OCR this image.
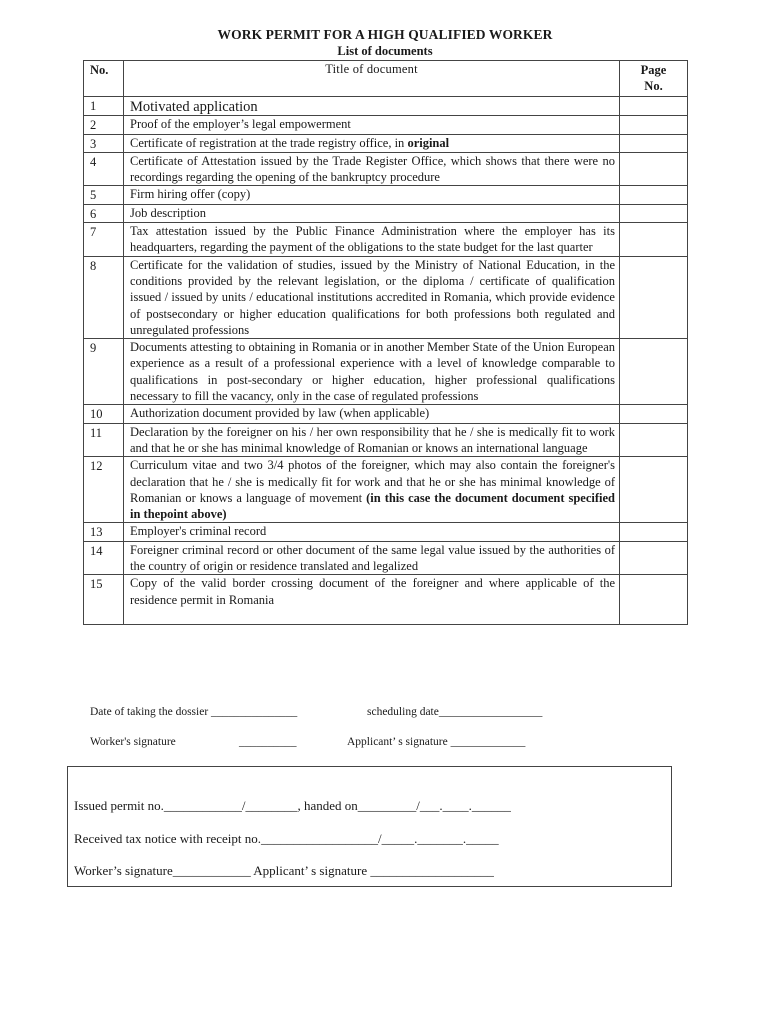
WORK PERMIT FOR A HIGH QUALIFIED WORKER
List of documents
No.	Title of document	Page
No.

1	Motivated application	
2	Proof of the employer’s legal empowerment	
3	Certificate of registration at the trade registry office, in original	
4	Certificate of Attestation issued by the Trade Register Office, which shows that there were no recordings regarding the opening of the bankruptcy procedure	
5	Firm hiring offer (copy)	
6	Job description	
7	Tax attestation issued by the Public Finance Administration where the employer has its headquarters, regarding the payment of the obligations to the state budget for the last quarter	
8	Certificate for the validation of studies, issued by the Ministry of National Education, in the conditions provided by the relevant legislation, or the diploma / certificate of qualification issued / issued by units / educational institutions accredited in Romania, which provide evidence of postsecondary or higher education qualifications for both professions both regulated and unregulated professions	
9	Documents attesting to obtaining in Romania or in another Member State of the Union European experience as a result of a professional experience with a level of knowledge comparable to qualifications in post-secondary or higher education, higher professional qualifications necessary to fill the vacancy, only in the case of regulated professions	
10	Authorization document provided by law (when applicable)	
11	Declaration by the foreigner on his / her own responsibility that he / she is medically fit to work and that he or she has minimal knowledge of Romanian or knows an international language	
12	Curriculum vitae and two 3/4 photos of the foreigner, which may also contain the foreigner's declaration that he / she is medically fit for work and that he or she has minimal knowledge of Romanian or knows a language of movement (in this case the document document specified in thepoint above)	
13	Employer's criminal record	
14	Foreigner criminal record or other document of the same legal value issued by the authorities of the country of origin or residence translated and legalized	
15	Copy of the valid border crossing document of the foreigner and where applicable of the residence permit in Romania	
Date of taking the dossier _______________	scheduling date__________________
Worker's signature	__________	Applicant’ s signature _____________
Issued permit no.____________/________, handed on_________/___.____.______
Received tax notice with receipt no.__________________/_____._______._____
Worker’s signature____________ Applicant’ s signature ___________________
